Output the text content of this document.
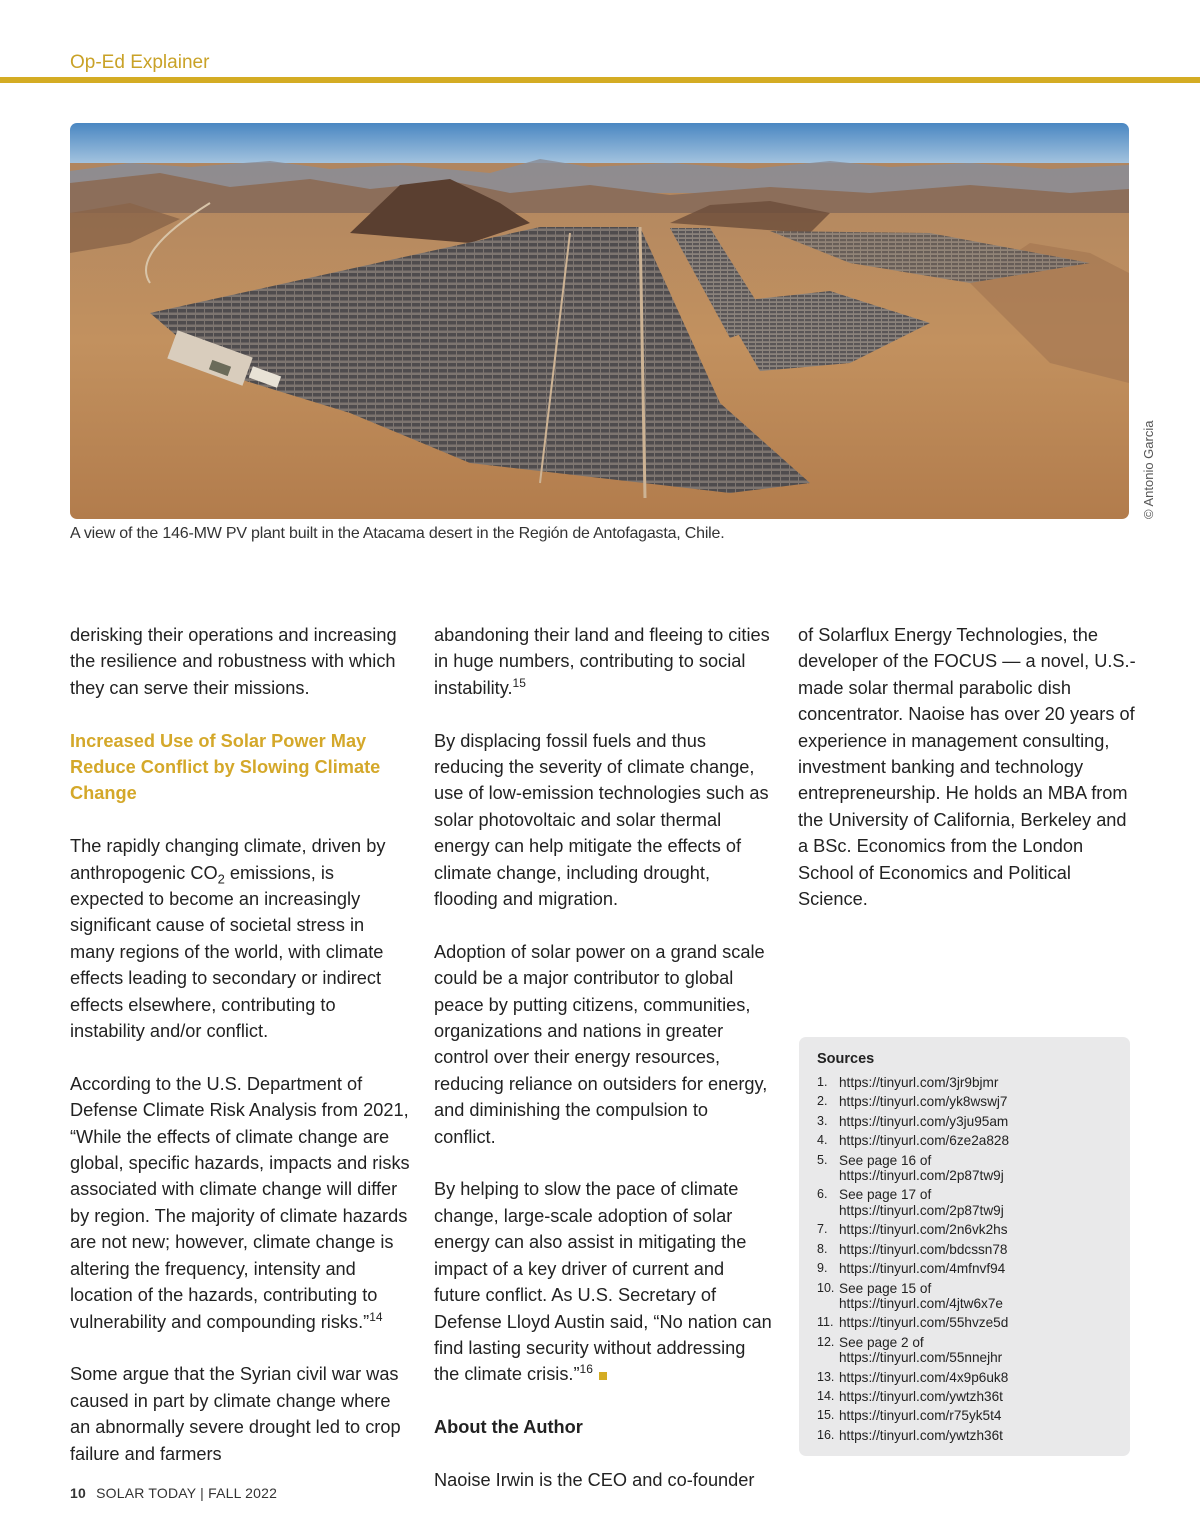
Op-Ed Explainer
© Antonio Garcia
A view of the 146-MW PV plant built in the Atacama desert in the Región de Antofagasta, Chile.

derisking their operations and increasing the resilience and robustness with which they can serve their missions.

Increased Use of Solar Power May Reduce Conflict by Slowing Climate Change

The rapidly changing climate, driven by anthropogenic $CO_2$ emissions, is expected to become an increasingly significant cause of societal stress in many regions of the world, with climate effects leading to secondary or indirect effects elsewhere, contributing to instability and/or conflict.

According to the U.S. Department of Defense Climate Risk Analysis from 2021, “While the effects of climate change are global, specific hazards, impacts and risks associated with climate change will differ by region. The majority of climate hazards are not new; however, climate change is altering the frequency, intensity and location of the hazards, contributing to vulnerability and compounding risks.”$^{14}$

Some argue that the Syrian civil war was caused in part by climate change where an abnormally severe drought led to crop failure and farmers

abandoning their land and fleeing to cities in huge numbers, contributing to social instability.$^{15}$

By displacing fossil fuels and thus reducing the severity of climate change, use of low-emission technologies such as solar photovoltaic and solar thermal energy can help mitigate the effects of climate change, including drought, flooding and migration.

Adoption of solar power on a grand scale could be a major contributor to global peace by putting citizens, communities, organizations and nations in greater control over their energy resources, reducing reliance on outsiders for energy, and diminishing the compulsion to conflict.

By helping to slow the pace of climate change, large-scale adoption of solar energy can also assist in mitigating the impact of a key driver of current and future conflict. As U.S. Secretary of Defense Lloyd Austin said, “No nation can find lasting security without addressing the climate crisis.”$^{16}$

About the Author

Naoise Irwin is the CEO and co-founder

of Solarflux Energy Technologies, the developer of the FOCUS — a novel, U.S.-made solar thermal parabolic dish concentrator. Naoise has over 20 years of experience in management consulting, investment banking and technology entrepreneurship. He holds an MBA from the University of California, Berkeley and a BSc. Economics from the London School of Economics and Political Science.

Sources
1. https://tinyurl.com/3jr9bjmr
2. https://tinyurl.com/yk8wswj7
3. https://tinyurl.com/y3ju95am
4. https://tinyurl.com/6ze2a828
5. See page 16 of
https://tinyurl.com/2p87tw9j
6. See page 17 of
https://tinyurl.com/2p87tw9j
7. https://tinyurl.com/2n6vk2hs
8. https://tinyurl.com/bdcssn78
9. https://tinyurl.com/4mfnvf94
10. See page 15 of
https://tinyurl.com/4jtw6x7e
11. https://tinyurl.com/55hvze5d
12. See page 2 of
https://tinyurl.com/55nnejhr
13. https://tinyurl.com/4x9p6uk8
14. https://tinyurl.com/ywtzh36t
15. https://tinyurl.com/r75yk5t4
16. https://tinyurl.com/ywtzh36t
10 SOLAR TODAY | FALL 2022
